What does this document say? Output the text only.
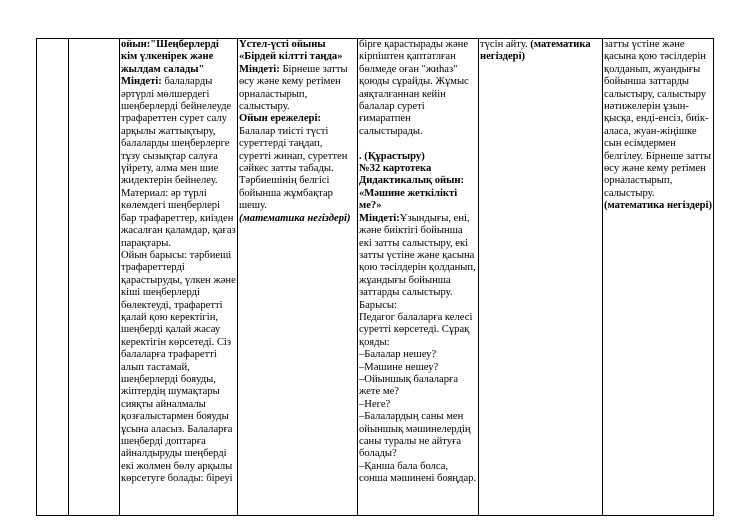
ойын:"Шеңберлерді кім үлкенірек және жылдам салады"

Міндеті: балаларды әртүрлі мөлшердегі шеңберлерді бейнелеуде трафареттен сурет салу арқылы жаттықтыру, балаларды шеңберлерге тұзу сызықтар салуға үйрету, алма мен шие жидектерін бейнелеу.

Материал: әр түрлі көлемдегі шеңберлері бар трафареттер, киізден жасалған қаламдар, қағаз парақтары.

Ойын барысы: тәрбиеші трафареттерді қарастыруды, үлкен және кіші шеңберлерді бөлектеуді, трафаретті қалай қою керектігін, шеңберді қалай жасау керектігін көрсетеді. Сіз балаларға трафаретті алып тастамай, шеңберлерді бояуды, жіптердің шумақтары сияқты айналмалы қозғалыстармен бояуды ұсына аласыз. Балаларға шеңберді доптарға айналдыруды шеңберді екі жолмен бөлу арқылы көрсетуге болады: біреуі

Үстел-үсті ойыны «Бірдей кілтті таңда»

Міндеті: Бірнеше затты өсу және кему ретімен орналастырып, салыстыру.

Ойын ережелері:

Балалар тиісті түсті суреттерді таңдап, суретті жинап, суреттен сәйкес затты табады. Тәрбиешінің белгісі бойынша жұмбақтар шешу.

(математика негіздері)

бірге қарастырады және кірпіштен қаптатлған бөлмеде оған "жиһаз" қоюды сұрайды. Жұмыс аяқталғаннан кейін балалар суреті ғимаратпен салыстырады.

. (Құрастыру)

№32 картотека

Дидактикалық ойын: «Мәшине жеткілікті ме?»

Міндеті:Ұзындығы, ені, және биіктігі бойынша екі затты салыстыру, екі затты үстіне және қасына қою тәсілдерін қолданып, жұандығы бойынша заттарды салыстыру.

Барысы:

Педагог балаларға келесі суретті көрсетеді. Сұрақ қояды:

–Балалар нешеу?

–Мәшине нешеу?

–Ойыншық балаларға жете ме?

–Неге?

–Балалардың саны мен ойыншық мәшинелердің саны туралы не айтуға болады?

–Қанша бала болса, сонша мәшинені бояңдар.

түсін айту. (математика негіздері)

затты үстіне және қасына қою тәсілдерін қолданып, жуандығы бойынша заттарды салыстыру, салыстыру нәтижелерін ұзын-қысқа, енді-енсіз, биік-аласа, жуан-жіңішке сын есімдермен белгілеу. Бірнеше затты өсу және кему ретімен орналастырып, салыстыру.

(математика негіздері)
